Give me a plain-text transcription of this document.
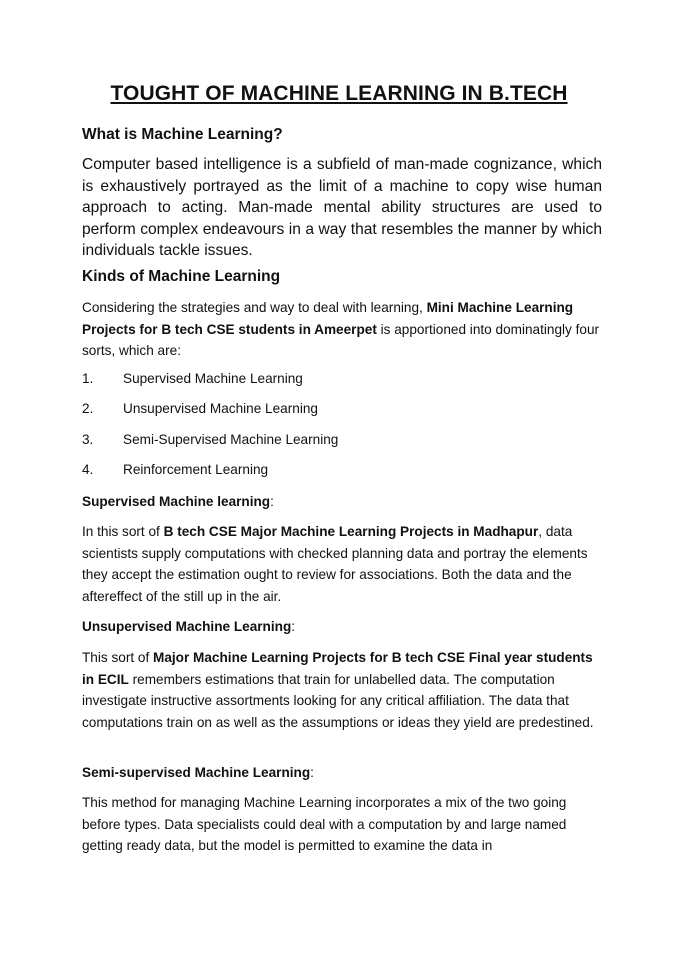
TOUGHT OF MACHINE LEARNING IN B.TECH
What is Machine Learning?

Computer based intelligence is a subfield of man-made cognizance, which is exhaustively portrayed as the limit of a machine to copy wise human approach to acting. Man-made mental ability structures are used to perform complex endeavours in a way that resembles the manner by which individuals tackle issues.

Kinds of Machine Learning

Considering the strategies and way to deal with learning, Mini Machine Learning Projects for B tech CSE students in Ameerpet is apportioned into dominatingly four sorts, which are:

1. Supervised Machine Learning
2. Unsupervised Machine Learning
3. Semi-Supervised Machine Learning
4. Reinforcement Learning

Supervised Machine learning:

In this sort of B tech CSE Major Machine Learning Projects in Madhapur, data scientists supply computations with checked planning data and portray the elements they accept the estimation ought to review for associations. Both the data and the aftereffect of the still up in the air.

Unsupervised Machine Learning:

This sort of Major Machine Learning Projects for B tech CSE Final year students in ECIL remembers estimations that train for unlabelled data. The computation investigate instructive assortments looking for any critical affiliation. The data that computations train on as well as the assumptions or ideas they yield are predestined.

Semi-supervised Machine Learning:

This method for managing Machine Learning incorporates a mix of the two going before types. Data specialists could deal with a computation by and large named getting ready data, but the model is permitted to examine the data in
